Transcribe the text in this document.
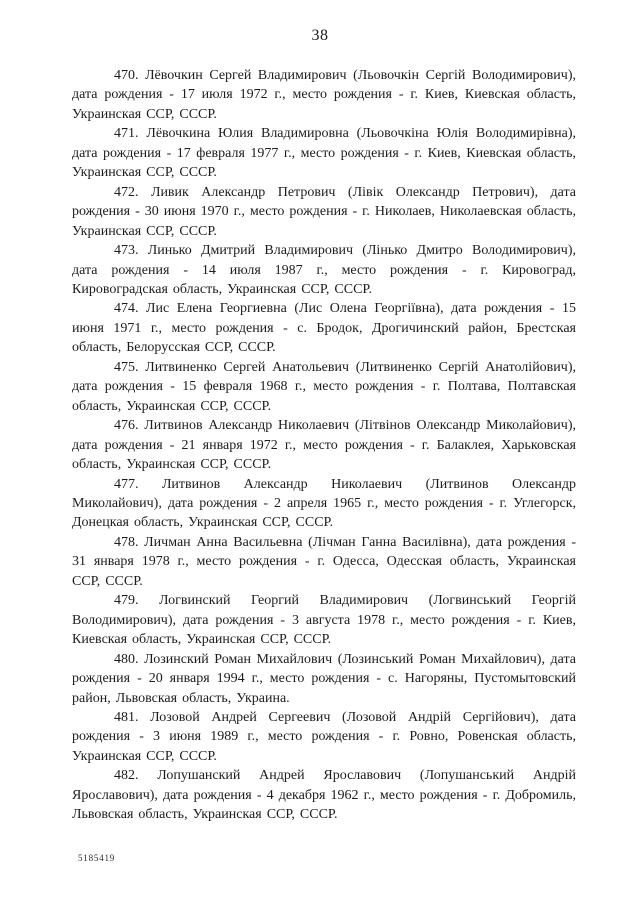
38

470. Лёвочкин Сергей Владимирович (Льовочкін Сергій Володимирович), дата рождения - 17 июля 1972 г., место рождения - г. Киев, Киевская область, Украинская ССР, СССР.

471. Лёвочкина Юлия Владимировна (Льовочкіна Юлія Володимирівна), дата рождения - 17 февраля 1977 г., место рождения - г. Киев, Киевская область, Украинская ССР, СССР.

472. Ливик Александр Петрович (Лівік Олександр Петрович), дата рождения - 30 июня 1970 г., место рождения - г. Николаев, Николаевская область, Украинская ССР, СССР.

473. Линько Дмитрий Владимирович (Лінько Дмитро Володимирович), дата рождения - 14 июля 1987 г., место рождения - г. Кировоград, Кировоградская область, Украинская ССР, СССР.

474. Лис Елена Георгиевна (Лис Олена Георгіївна), дата рождения - 15 июня 1971 г., место рождения - с. Бродок, Дрогичинский район, Брестская область, Белорусская ССР, СССР.

475. Литвиненко Сергей Анатольевич (Литвиненко Сергій Анатолійович), дата рождения - 15 февраля 1968 г., место рождения - г. Полтава, Полтавская область, Украинская ССР, СССР.

476. Литвинов Александр Николаевич (Літвінов Олександр Миколайович), дата рождения - 21 января 1972 г., место рождения - г. Балаклея, Харьковская область, Украинская ССР, СССР.

477. Литвинов Александр Николаевич (Литвинов Олександр Миколайович), дата рождения - 2 апреля 1965 г., место рождения - г. Углегорск, Донецкая область, Украинская ССР, СССР.

478. Личман Анна Васильевна (Лічман Ганна Василівна), дата рождения - 31 января 1978 г., место рождения - г. Одесса, Одесская область, Украинская ССР, СССР.

479. Логвинский Георгий Владимирович (Логвинський Георгій Володимирович), дата рождения - 3 августа 1978 г., место рождения - г. Киев, Киевская область, Украинская ССР, СССР.

480. Лозинский Роман Михайлович (Лозинський Роман Михайлович), дата рождения - 20 января 1994 г., место рождения - с. Нагоряны, Пустомытовский район, Львовская область, Украина.

481. Лозовой Андрей Сергеевич (Лозовой Андрій Сергійович), дата рождения - 3 июня 1989 г., место рождения - г. Ровно, Ровенская область, Украинская ССР, СССР.

482. Лопушанский Андрей Ярославович (Лопушанський Андрій Ярославович), дата рождения - 4 декабря 1962 г., место рождения - г. Добромиль, Львовская область, Украинская ССР, СССР.

5185419
